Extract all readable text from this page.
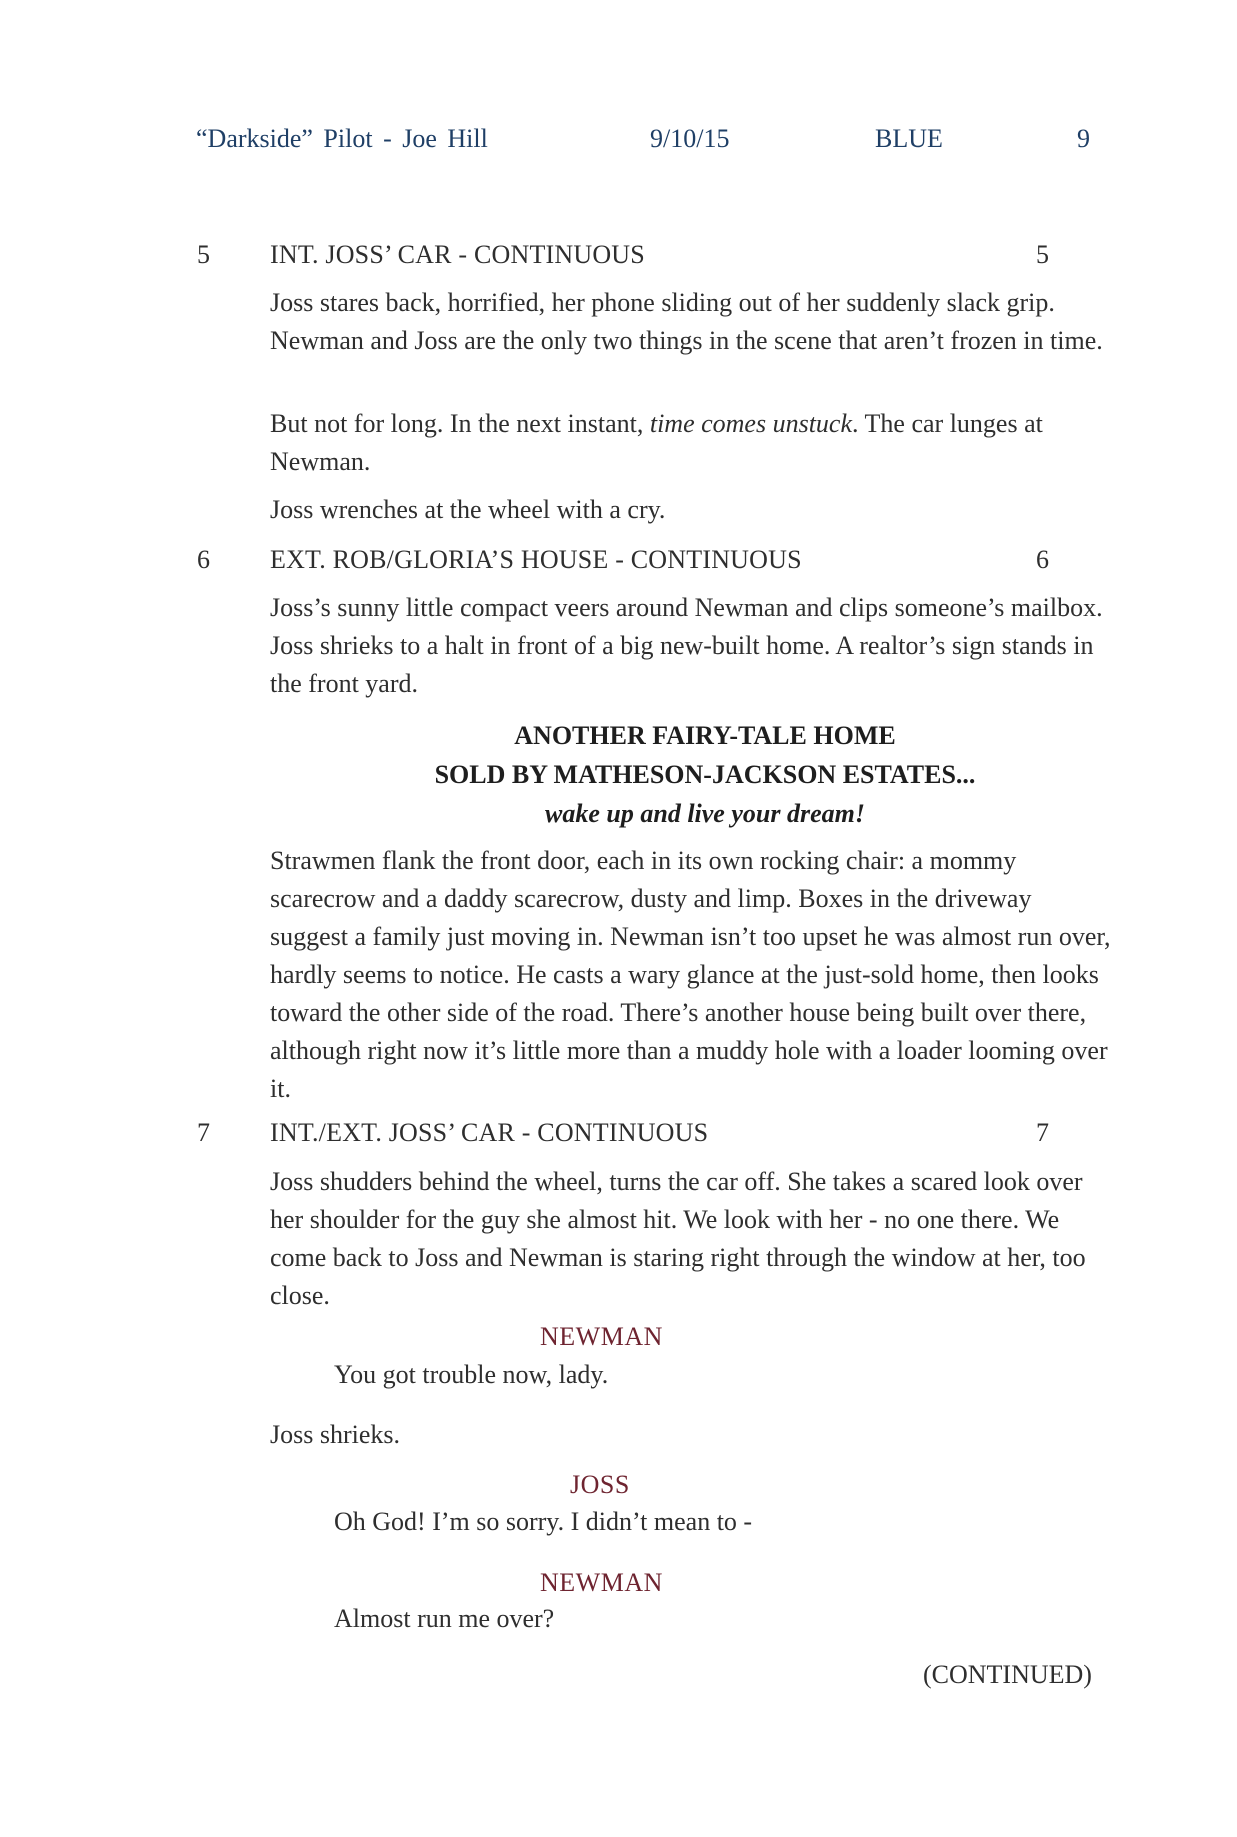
“Darkside” Pilot - Joe Hill	9/10/15	BLUE	9
5 INT. JOSS’ CAR - CONTINUOUS	5

Joss stares back, horrified, her phone sliding out of her suddenly slack grip. Newman and Joss are the only two things in the scene that aren’t frozen in time.

But not for long. In the next instant, time comes unstuck. The car lunges at Newman.

Joss wrenches at the wheel with a cry.

6 EXT. ROB/GLORIA’S HOUSE - CONTINUOUS	6

Joss’s sunny little compact veers around Newman and clips someone’s mailbox. Joss shrieks to a halt in front of a big new-built home. A realtor’s sign stands in the front yard.

ANOTHER FAIRY-TALE HOME
SOLD BY MATHESON-JACKSON ESTATES...
wake up and live your dream!

Strawmen flank the front door, each in its own rocking chair: a mommy scarecrow and a daddy scarecrow, dusty and limp. Boxes in the driveway suggest a family just moving in. Newman isn’t too upset he was almost run over, hardly seems to notice. He casts a wary glance at the just-sold home, then looks toward the other side of the road. There’s another house being built over there, although right now it’s little more than a muddy hole with a loader looming over it.

7 INT./EXT. JOSS’ CAR - CONTINUOUS	7

Joss shudders behind the wheel, turns the car off. She takes a scared look over her shoulder for the guy she almost hit. We look with her - no one there. We come back to Joss and Newman is staring right through the window at her, too close.

NEWMAN
You got trouble now, lady.
Joss shrieks.
JOSS
Oh God! I’m so sorry. I didn’t mean to -
NEWMAN
Almost run me over?
(CONTINUED)
